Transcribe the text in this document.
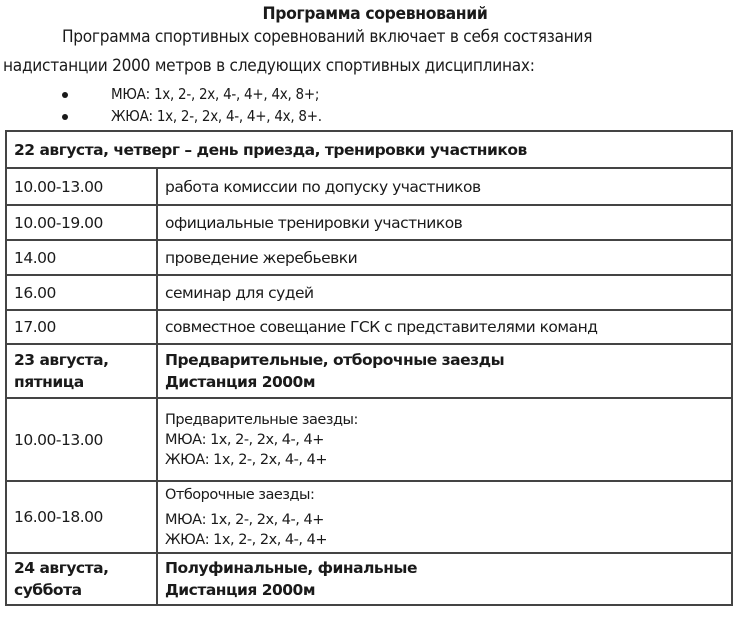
Программа соревнований
Программа спортивных соревнований включает в себя состязания
надистанции 2000 метров в следующих спортивных дисциплинах:
МЮА: 1х, 2-, 2х, 4-, 4+, 4х, 8+;
ЖЮА: 1х, 2-, 2х, 4-, 4+, 4х, 8+.
22 августа, четверг – день приезда, тренировки участников	
10.00-13.00	работа комиссии по допуску участников
10.00-19.00	официальные тренировки участников
14.00	проведение жеребьевки
16.00	семинар для судей
17.00	совместное совещание ГСК с представителями команд

23 августа,
пятница	Предварительные, отборочные заезды
Дистанция 2000м

10.00-13.00	Предварительные заезды:
МЮА: 1х, 2-, 2х, 4-, 4+
ЖЮА: 1х, 2-, 2х, 4-, 4+

16.00-18.00	Отборочные заезды:
МЮА: 1х, 2-, 2х, 4-, 4+
ЖЮА: 1х, 2-, 2х, 4-, 4+

24 августа,
суббота	Полуфинальные, финальные
Дистанция 2000м
